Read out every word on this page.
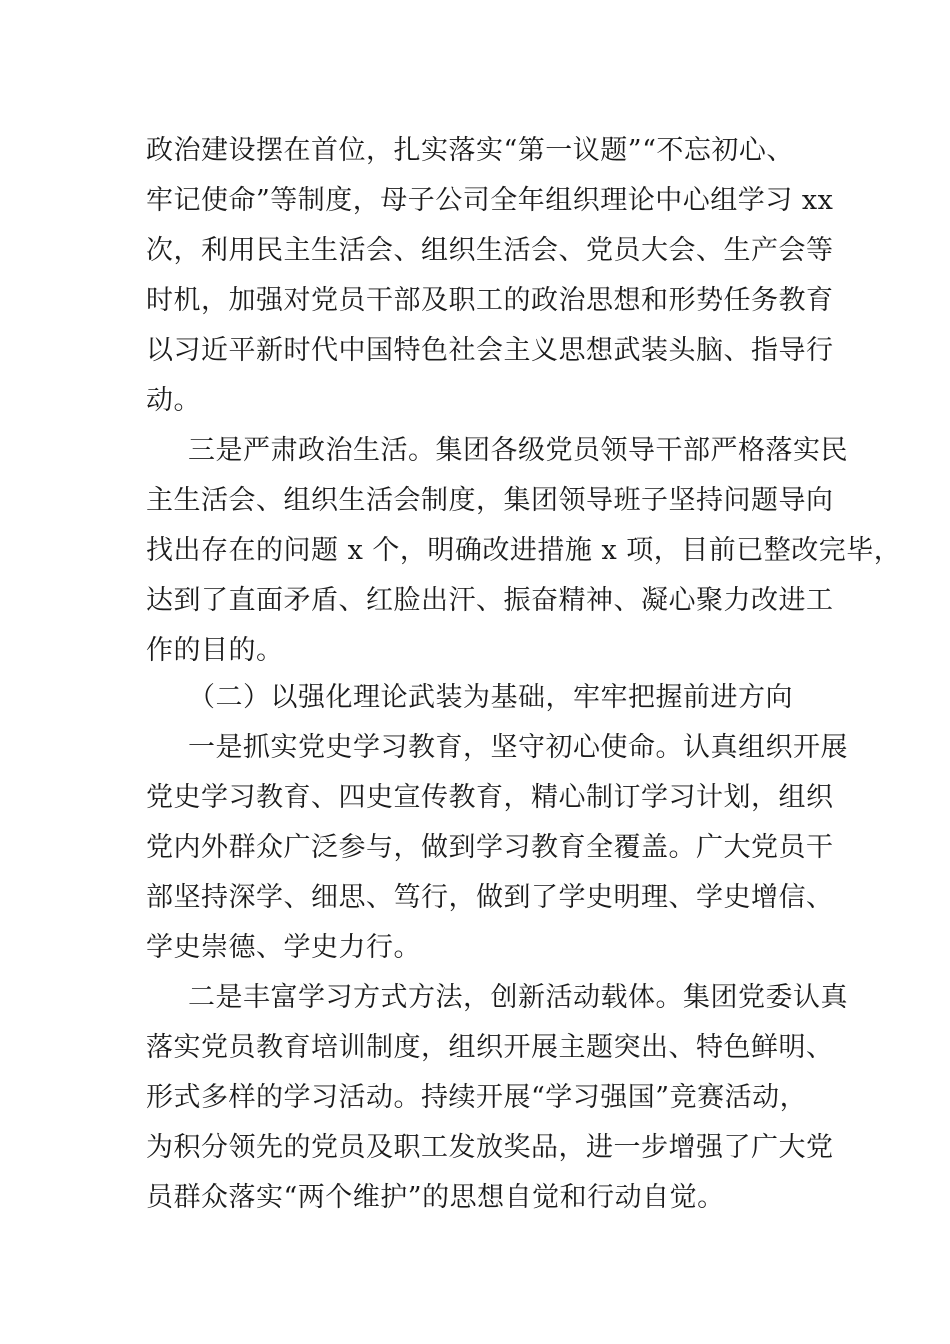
政治建设摆在首位，扎实落实“第一议题”“不忘初心、
牢记使命”等制度，母子公司全年组织理论中心组学习 xx
次，利用民主生活会、组织生活会、党员大会、生产会等
时机，加强对党员干部及职工的政治思想和形势任务教育
以习近平新时代中国特色社会主义思想武装头脑、指导行
动。
三是严肃政治生活。集团各级党员领导干部严格落实民
主生活会、组织生活会制度，集团领导班子坚持问题导向
找出存在的问题 x 个，明确改进措施 x 项，目前已整改完毕，
达到了直面矛盾、红脸出汗、振奋精神、凝心聚力改进工
作的目的。
（二）以强化理论武装为基础，牢牢把握前进方向
一是抓实党史学习教育，坚守初心使命。认真组织开展
党史学习教育、四史宣传教育，精心制订学习计划，组织
党内外群众广泛参与，做到学习教育全覆盖。广大党员干
部坚持深学、细思、笃行，做到了学史明理、学史增信、
学史崇德、学史力行。
二是丰富学习方式方法，创新活动载体。集团党委认真
落实党员教育培训制度，组织开展主题突出、特色鲜明、
形式多样的学习活动。持续开展“学习强国”竞赛活动，
为积分领先的党员及职工发放奖品，进一步增强了广大党
员群众落实“两个维护”的思想自觉和行动自觉。
